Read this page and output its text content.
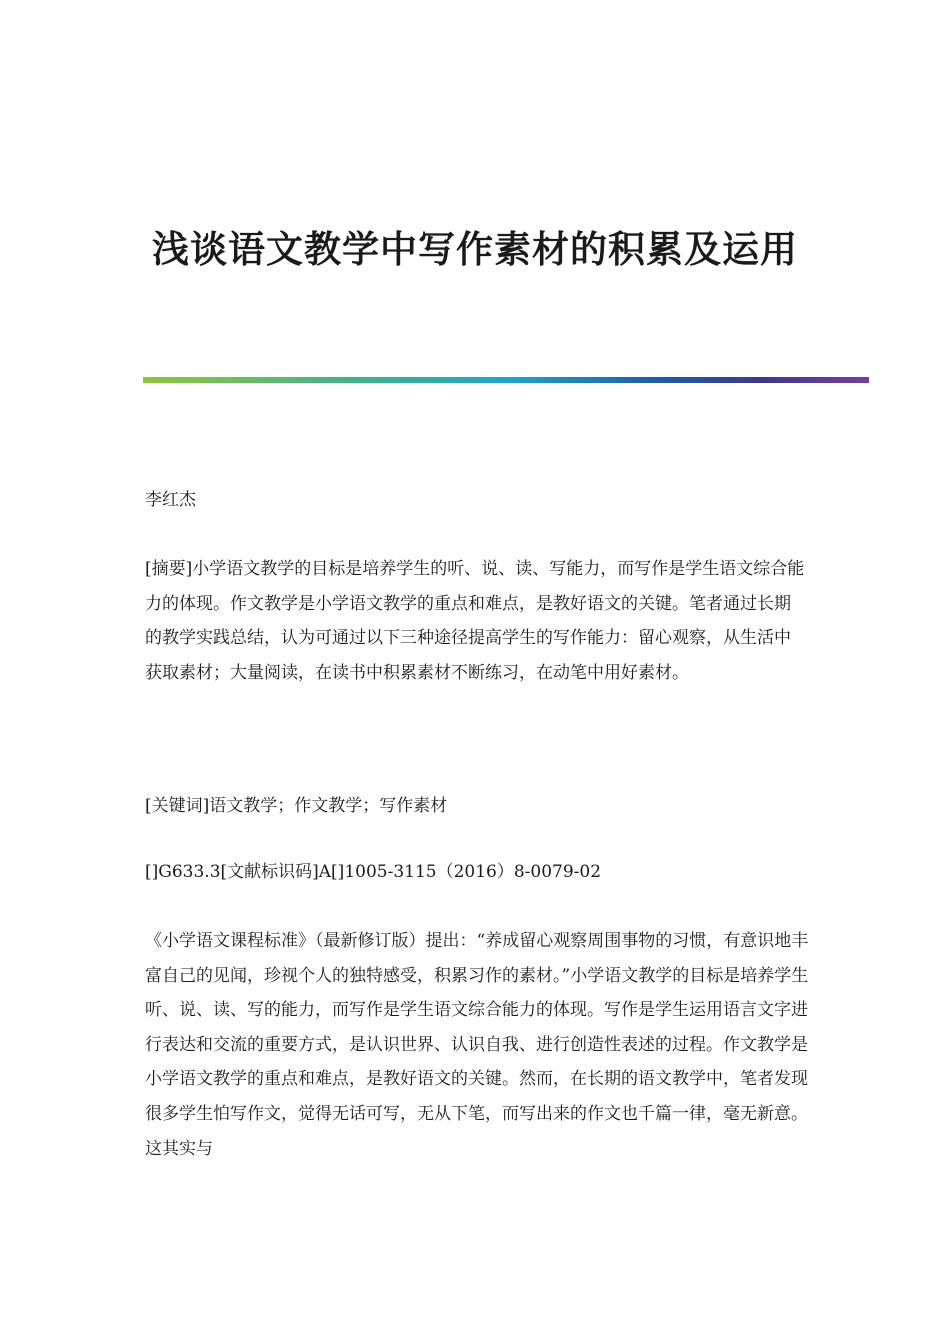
浅谈语文教学中写作素材的积累及运用

李红杰

[摘要]小学语文教学的目标是培养学生的听、说、读、写能力，而写作是学生语文综合能力的体现。作文教学是小学语文教学的重点和难点，是教好语文的关键。笔者通过长期的教学实践总结，认为可通过以下三种途径提高学生的写作能力：留心观察，从生活中获取素材；大量阅读，在读书中积累素材不断练习，在动笔中用好素材。

[关键词]语文教学；作文教学；写作素材

[]G633.3[文献标识码]A[]1005-3115（2016）8-0079-02

《小学语文课程标准》（最新修订版）提出：“养成留心观察周围事物的习惯，有意识地丰富自己的见闻，珍视个人的独特感受，积累习作的素材。”小学语文教学的目标是培养学生听、说、读、写的能力，而写作是学生语文综合能力的体现。写作是学生运用语言文字进行表达和交流的重要方式，是认识世界、认识自我、进行创造性表述的过程。作文教学是小学语文教学的重点和难点，是教好语文的关键。然而，在长期的语文教学中，笔者发现很多学生怕写作文，觉得无话可写，无从下笔，而写出来的作文也千篇一律，毫无新意。这其实与
